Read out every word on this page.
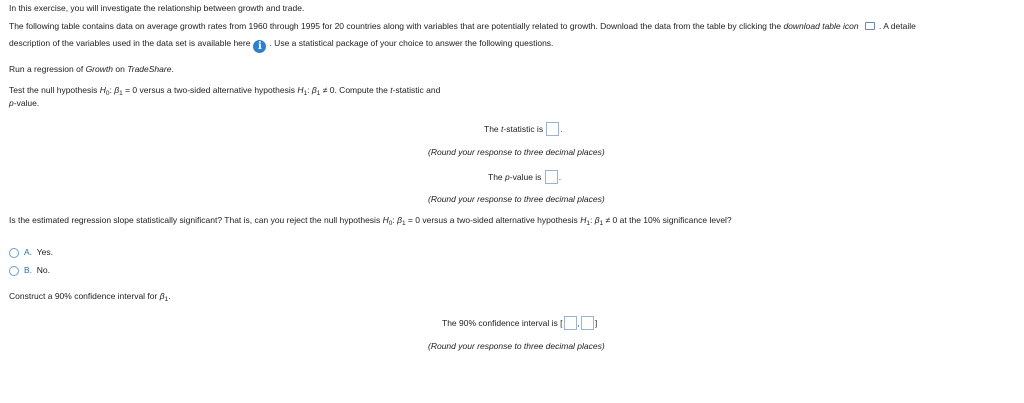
In this exercise, you will investigate the relationship between growth and trade.
The following table contains data on average growth rates from 1960 through 1995 for 20 countries along with variables that are potentially related to growth. Download the data from the table by clicking the download table icon . A detaile
description of the variables used in the data set is available here i . Use a statistical package of your choice to answer the following questions.
Run a regression of Growth on TradeShare.
Test the null hypothesis $H_0$: $\beta_1 = 0$ versus a two-sided alternative hypothesis $H_1$: $\beta_1 \ne 0$. Compute the t-statistic and
p-value.
The t-statistic is .
(Round your response to three decimal places)
The p-value is .
(Round your response to three decimal places)
Is the estimated regression slope statistically significant? That is, can you reject the null hypothesis $H_0$: $\beta_1 = 0$ versus a two-sided alternative hypothesis $H_1$: $\beta_1 \ne 0$ at the 10% significance level?
A. Yes.
B. No.
Construct a 90% confidence interval for $\beta_1$.
The 90% confidence interval is [ , ]
(Round your response to three decimal places)
